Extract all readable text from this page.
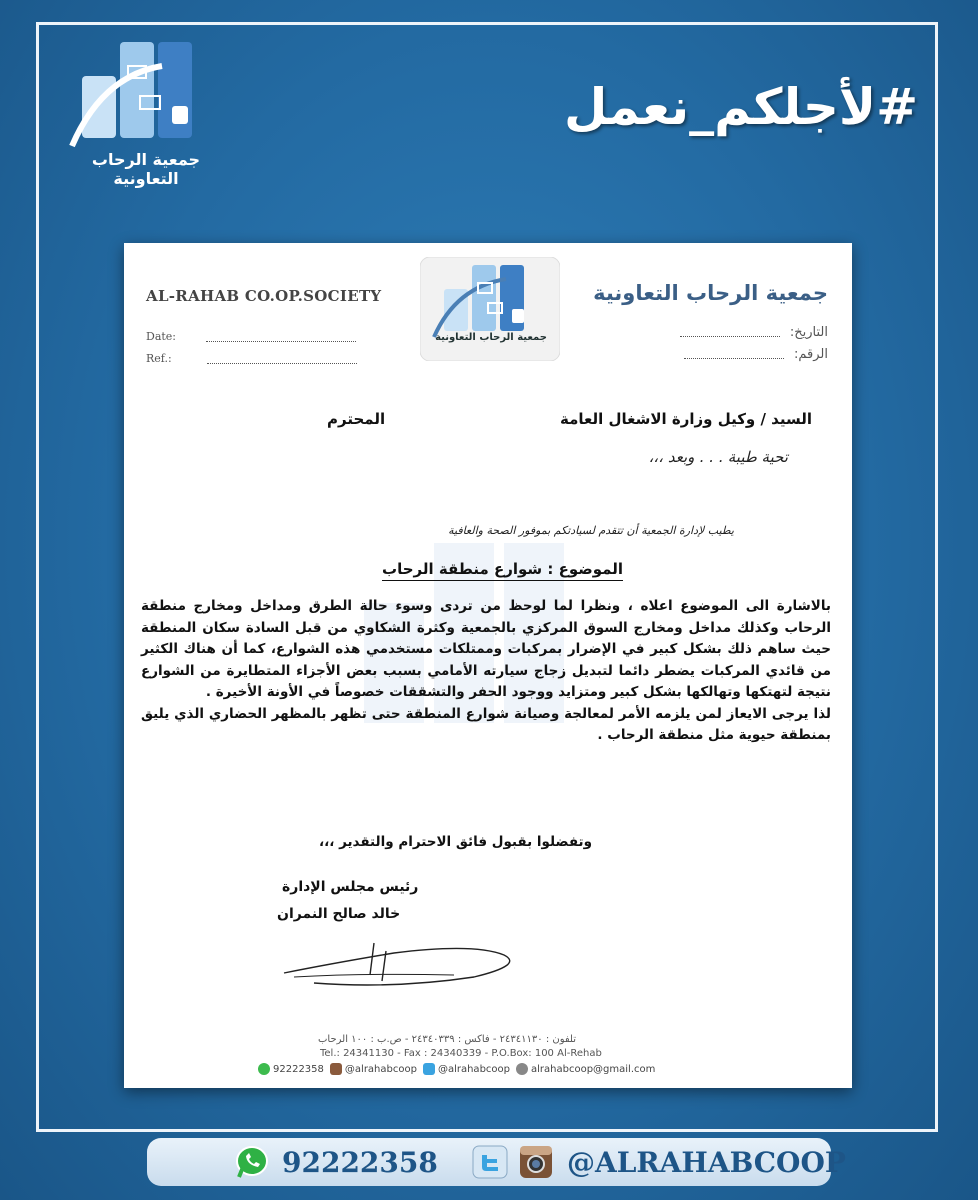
جمعية الرحاب التعاونية
#لأجلكم_نعمل
AL-RAHAB CO.OP.SOCIETY	جمعية الرحاب التعاونية
جمعية الرحاب التعاونية
Date:
Ref.:
التاريخ:
الرقم:
السيد / وكيل وزارة الاشغال العامة
المحترم
تحية طيبة . . . وبعد ،،،
يطيب لإدارة الجمعية أن تتقدم لسيادتكم بموفور الصحة والعافية
الموضوع : شوارع منطقة الرحاب

بالاشارة الى الموضوع اعلاه ، ونظرا لما لوحظ من تردى وسوء حالة الطرق ومداخل ومخارج منطقة الرحاب وكذلك مداخل ومخارج السوق المركزي بالجمعية وكثرة الشكاوي من قبل السادة سكان المنطقة حيث ساهم ذلك بشكل كبير في الإضرار بمركبات وممتلكات مستخدمي هذه الشوارع، كما أن هناك الكثير من قائدي المركبات يضطر دائما لتبديل زجاج سيارته الأمامي بسبب بعض الأجزاء المتطايرة من الشوارع نتيجة لتهتكها وتهالكها بشكل كبير ومتزايد ووجود الحفر والتشققات خصوصاً في الأونة الأخيرة .

لذا يرجى الايعاز لمن يلزمه الأمر لمعالجة وصيانة شوارع المنطقة حتى تظهر بالمظهر الحضاري الذي يليق بمنطقة حيوية مثل منطقة الرحاب .

وتفضلوا بقبول فائق الاحترام والتقدير ،،،
رئيس مجلس الإدارة
خالد صالح النمران
تلفون : ٢٤٣٤١١٣٠ - فاكس : ٢٤٣٤٠٣٣٩ - ص.ب : ١٠٠ الرحاب
Tel.: 24341130 - Fax : 24340339 - P.O.Box: 100 Al-Rehab
92222358 @alrahabcoop @alrahabcoop alrahabcoop@gmail.com
92222358	@ALRAHABCOOP
